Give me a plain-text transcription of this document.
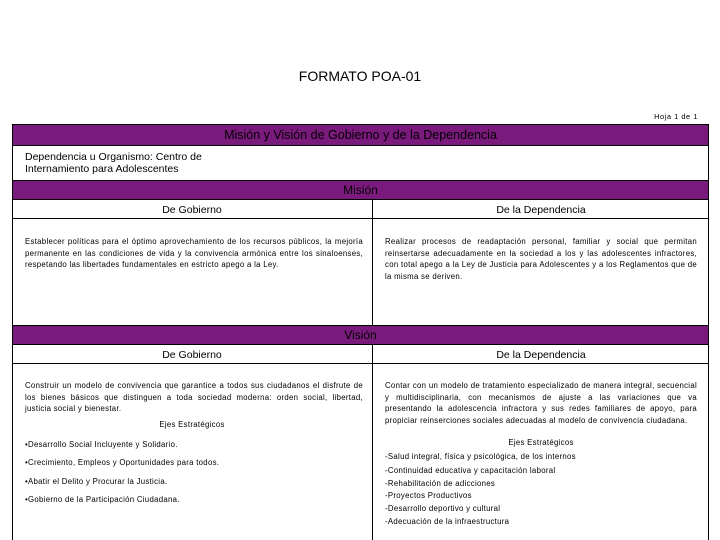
FORMATO POA-01
Hoja 1 de 1
Misión y Visión de Gobierno y de la Dependencia
Dependencia u Organismo: Centro de
Internamiento para Adolescentes
Misión
De Gobierno	De la Dependencia
Establecer políticas para el óptimo aprovechamiento de los recursos públicos, la mejoría permanente en las condiciones de vida y la convivencia armónica entre los sinaloenses, respetando las libertades fundamentales en estricto apego a la Ley.
Realizar procesos de readaptación personal, familiar y social que permitan reinsertarse adecuadamente en la sociedad a los y las adolescentes infractores, con total apego a la Ley de Justicia para Adolescentes y a los Reglamentos que de la misma se deriven.
Visión
De Gobierno	De la Dependencia
Construir un modelo de convivencia que garantice a todos sus ciudadanos el disfrute de los bienes básicos que distinguen a toda sociedad moderna: orden social, libertad, justicia social y bienestar.
Contar con un modelo de tratamiento especializado de manera integral, secuencial y multidisciplinaria, con mecanismos de ajuste a las variaciones que va presentando la adolescencia infractora y sus redes familiares de apoyo, para propiciar reinserciones sociales adecuadas al modelo de convivencia ciudadana.
Ejes Estratégicos
•Desarrollo Social Incluyente y Solidario.
•Crecimiento, Empleos y Oportunidades para todos.
•Abatir el Delito y Procurar la Justicia.
•Gobierno de la Participación Ciudadana.
Ejes Estratégicos
-Salud integral, física y psicológica, de los internos
-Continuidad educativa y capacitación laboral
-Rehabilitación de adicciones
-Proyectos Productivos
-Desarrollo deportivo y cultural
-Adecuación de la infraestructura
